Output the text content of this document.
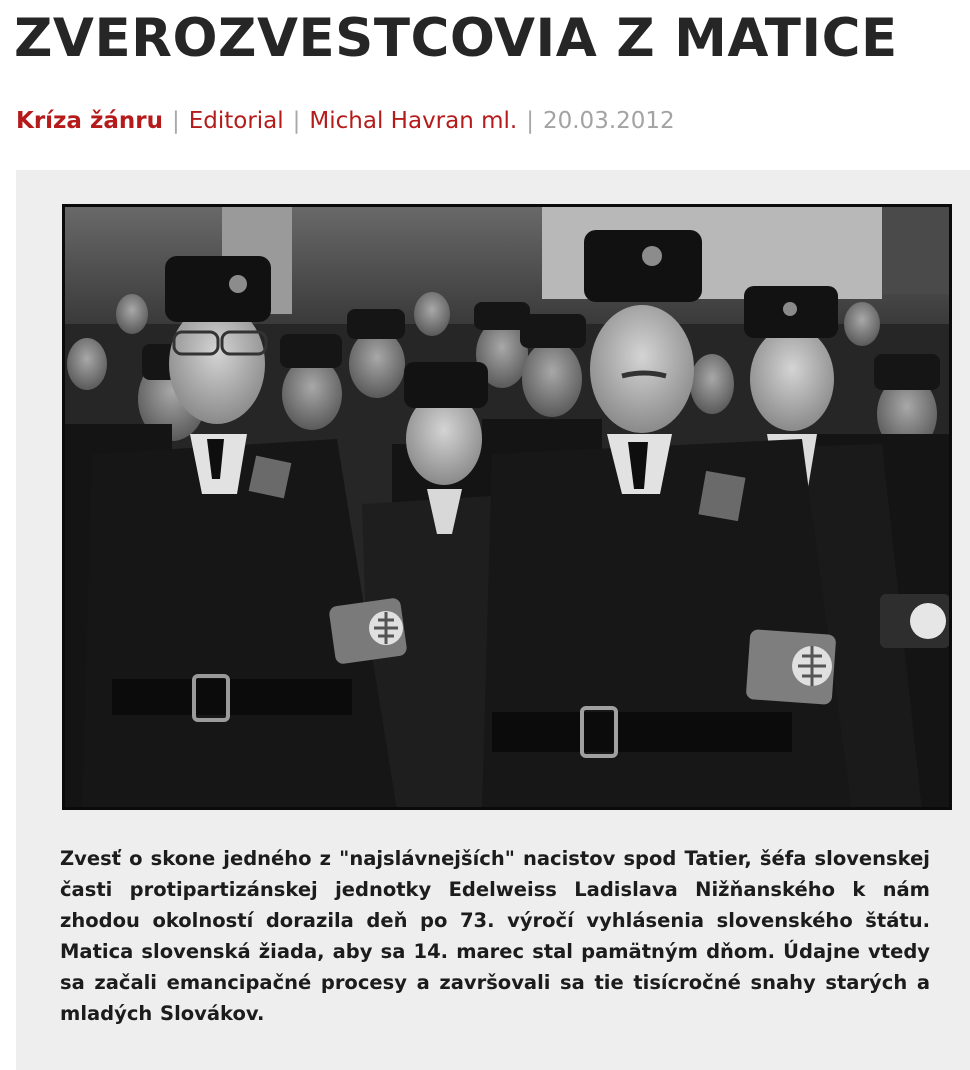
ZVEROZVESTCOVIA Z MATICE
Kríza žánru | Editorial | Michal Havran ml. | 20.03.2012

Zvesť o skone jedného z "najslávnejších" nacistov spod Tatier, šéfa slovenskej časti protipartizánskej jednotky Edelweiss Ladislava Nižňanského k nám zhodou okolností dorazila deň po 73. výročí vyhlásenia slovenského štátu. Matica slovenská žiada, aby sa 14. marec stal pamätným dňom. Údajne vtedy sa začali emancipačné procesy a završovali sa tie tisícročné snahy starých a mladých Slovákov.
